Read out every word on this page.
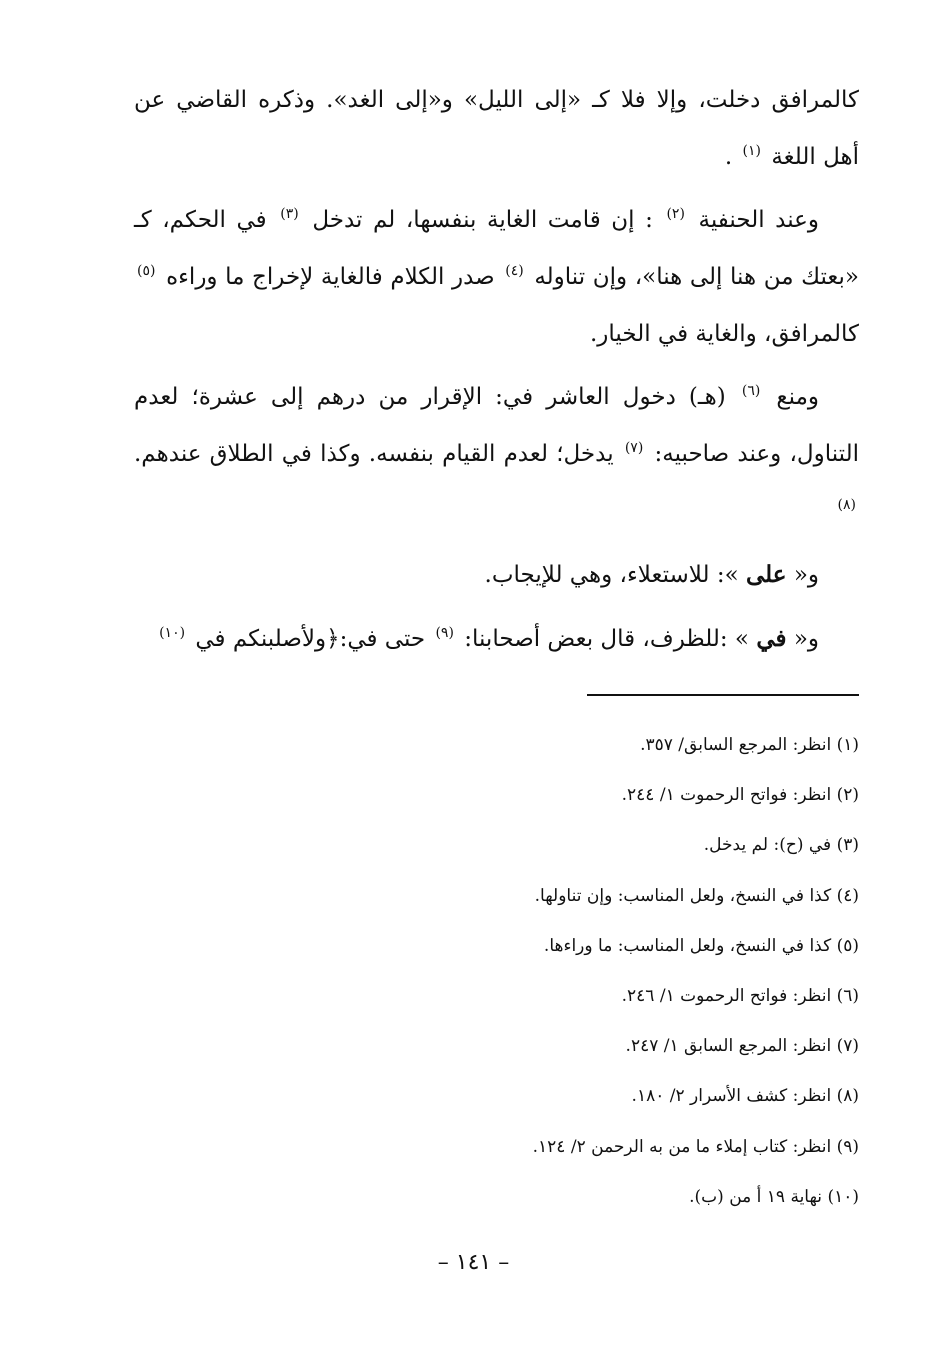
كالمرافق دخلت، وإلا فلا كـ «إلى الليل» و«إلى الغد». وذكره القاضي عن أهل اللغة $^{(١)}$ .

وعند الحنفية $^{(٢)}$ : إن قامت الغاية بنفسها، لم تدخل $^{(٣)}$ في الحكم، كـ «بعتك من هنا إلى هنا»، وإن تناوله $^{(٤)}$ صدر الكلام فالغاية لإخراج ما وراءه $^{(٥)}$ كالمرافق، والغاية في الخيار.

ومنع $^{(٦)}$ (هـ) دخول العاشر في: الإقرار من درهم إلى عشرة؛ لعدم التناول، وعند صاحبيه: $^{(٧)}$ يدخل؛ لعدم القيام بنفسه. وكذا في الطلاق عندهم. $^{(٨)}$

و« على »: للاستعلاء، وهي للإيجاب.

و« في » :للظرف، قال بعض أصحابنا: $^{(٩)}$ حتى في:﴿ولأصلبنكم في $^{(١٠)}$

(١) انظر: المرجع السابق/ ٣٥٧.

(٢) انظر: فواتح الرحموت ١/ ٢٤٤.

(٣) في (ح): لم يدخل.

(٤) كذا في النسخ، ولعل المناسب: وإن تناولها.

(٥) كذا في النسخ، ولعل المناسب: ما وراءها.

(٦) انظر: فواتح الرحموت ١/ ٢٤٦.

(٧) انظر: المرجع السابق ١/ ٢٤٧.

(٨) انظر: كشف الأسرار ٢/ ١٨٠.

(٩) انظر: كتاب إملاء ما من به الرحمن ٢/ ١٢٤.

(١٠) نهاية ١٩ أ من (ب).

– ١٤١ –
